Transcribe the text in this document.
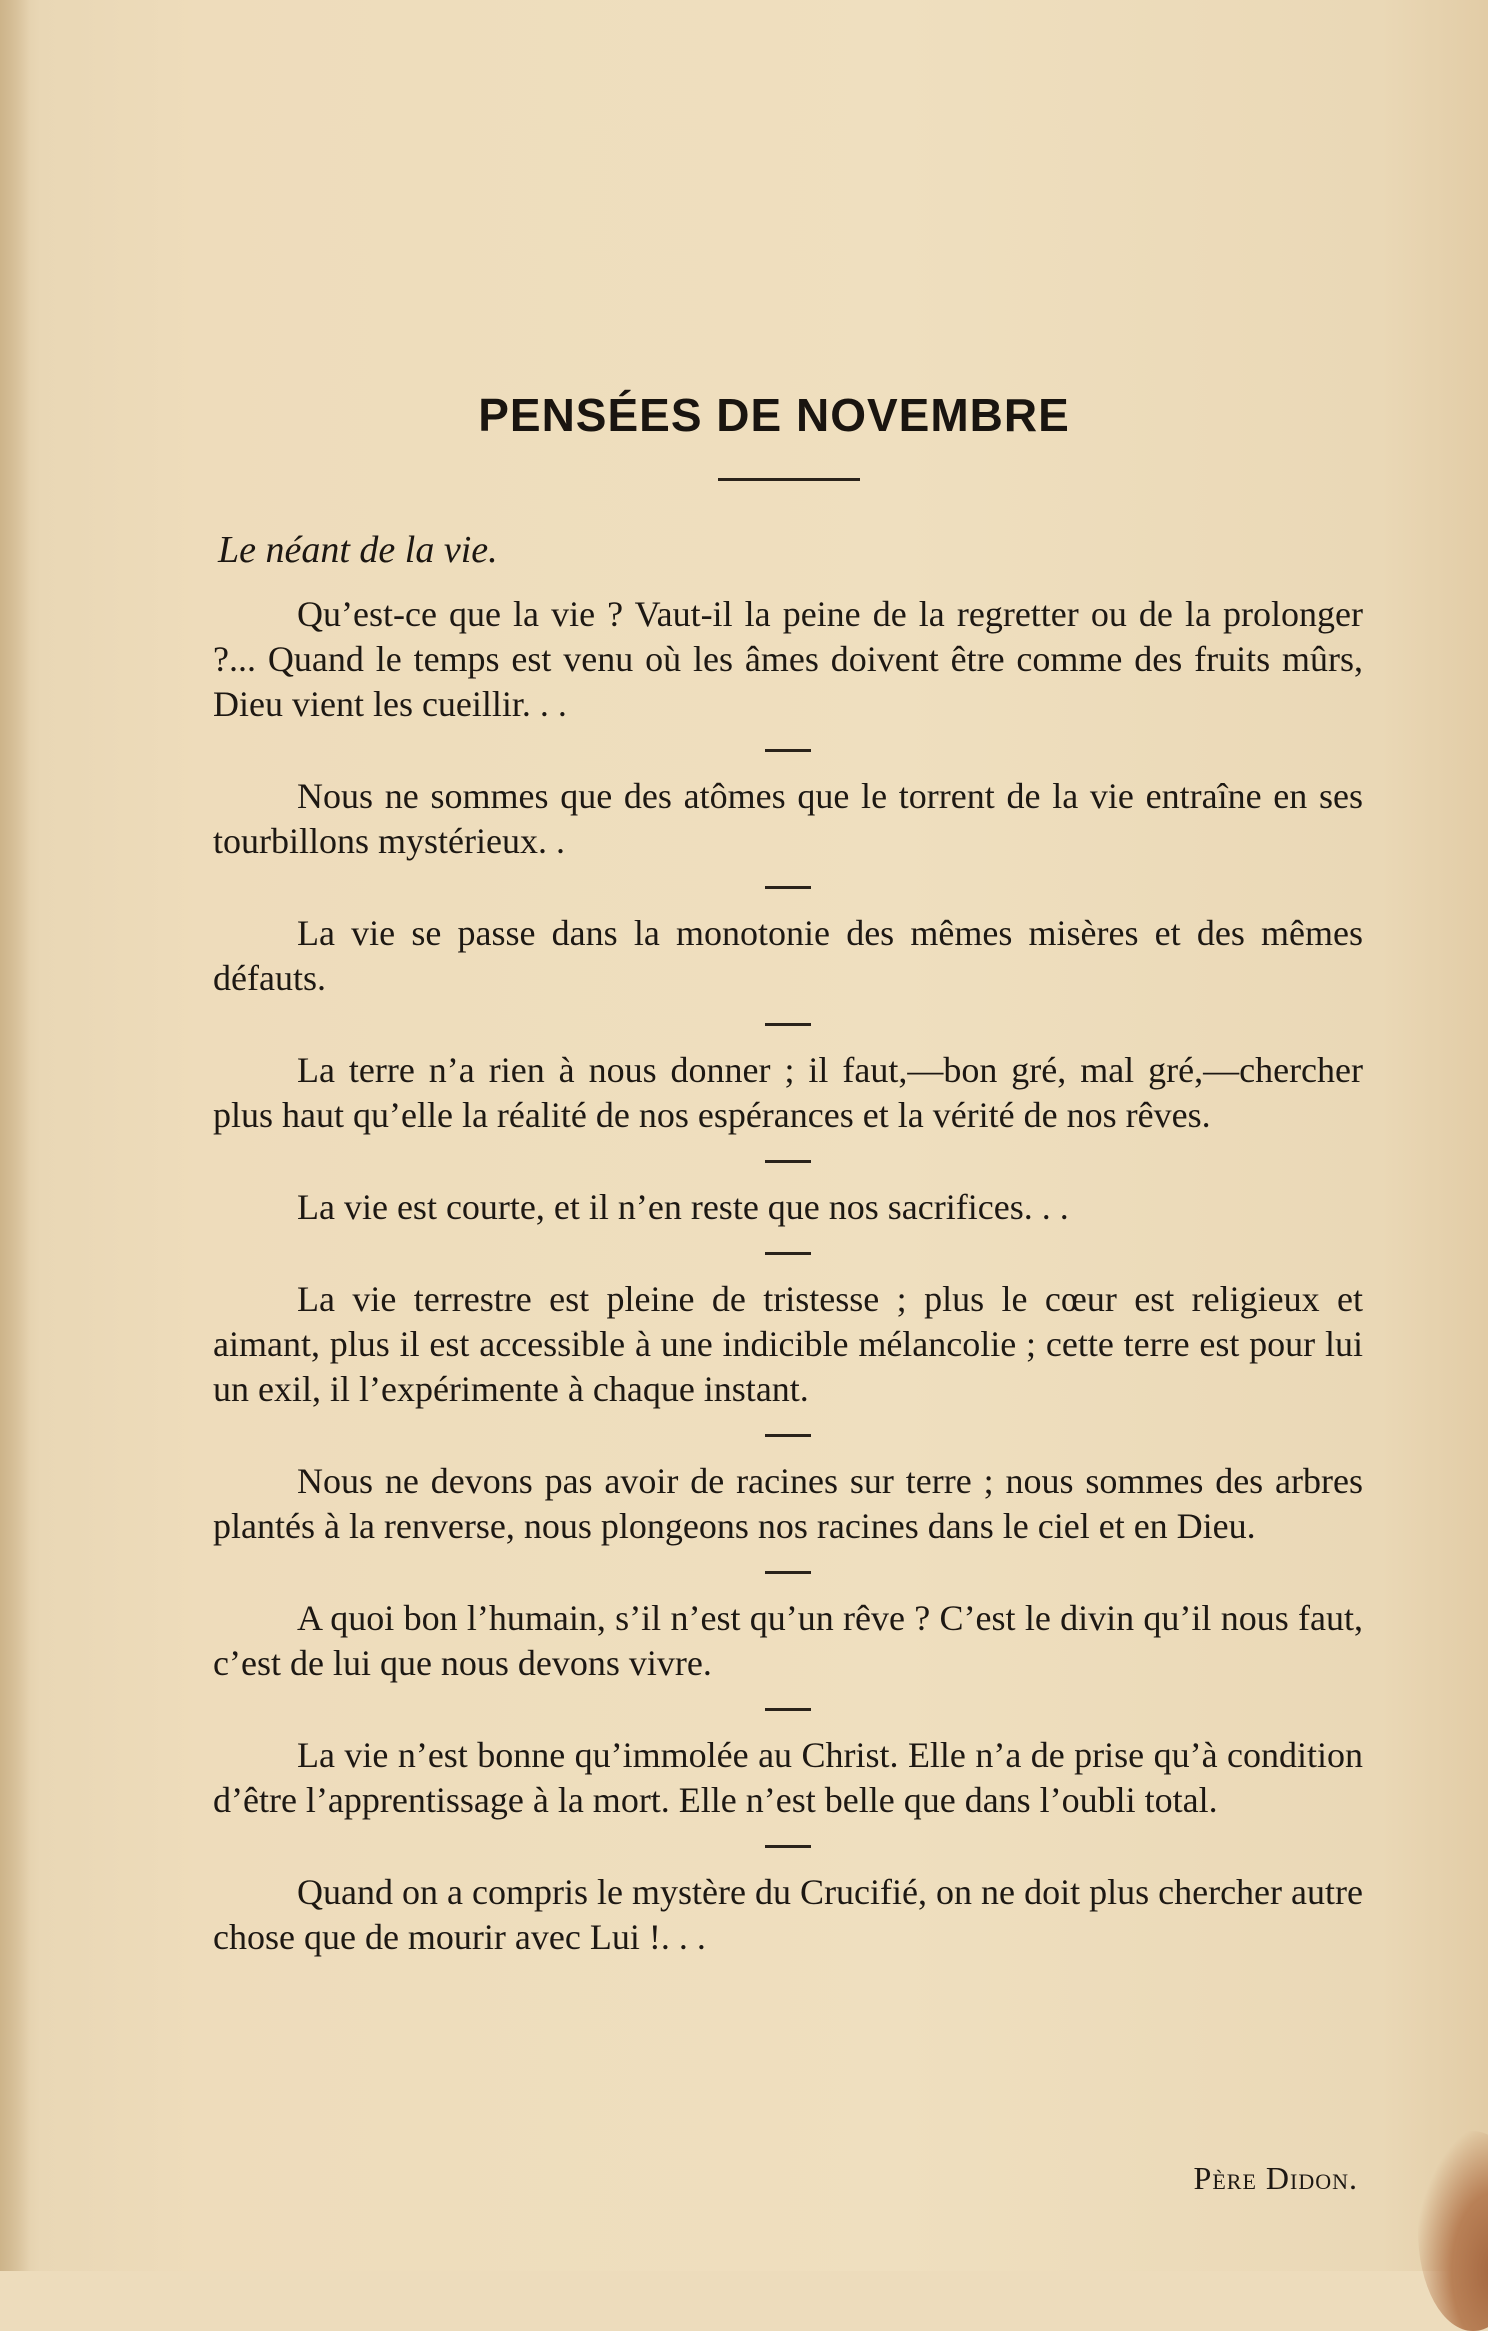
PENSÉES DE NOVEMBRE
Le néant de la vie.

Qu’est-ce que la vie ? Vaut-il la peine de la regretter ou de la prolonger ?... Quand le temps est venu où les âmes doivent être comme des fruits mûrs, Dieu vient les cueillir. . .

Nous ne sommes que des atômes que le torrent de la vie entraîne en ses tourbillons mystérieux. .

La vie se passe dans la monotonie des mêmes misères et des mêmes défauts.

La terre n’a rien à nous donner ; il faut,—bon gré, mal gré,—chercher plus haut qu’elle la réalité de nos espérances et la vérité de nos rêves.

La vie est courte, et il n’en reste que nos sacrifices. . .

La vie terrestre est pleine de tristesse ; plus le cœur est religieux et aimant, plus il est accessible à une indicible mélancolie ; cette terre est pour lui un exil, il l’expérimente à chaque instant.

Nous ne devons pas avoir de racines sur terre ; nous sommes des arbres plantés à la renverse, nous plongeons nos racines dans le ciel et en Dieu.

A quoi bon l’humain, s’il n’est qu’un rêve ? C’est le divin qu’il nous faut, c’est de lui que nous devons vivre.

La vie n’est bonne qu’immolée au Christ. Elle n’a de prise qu’à condition d’être l’apprentissage à la mort. Elle n’est belle que dans l’oubli total.

Quand on a compris le mystère du Crucifié, on ne doit plus chercher autre chose que de mourir avec Lui !. . .

Père Didon.
